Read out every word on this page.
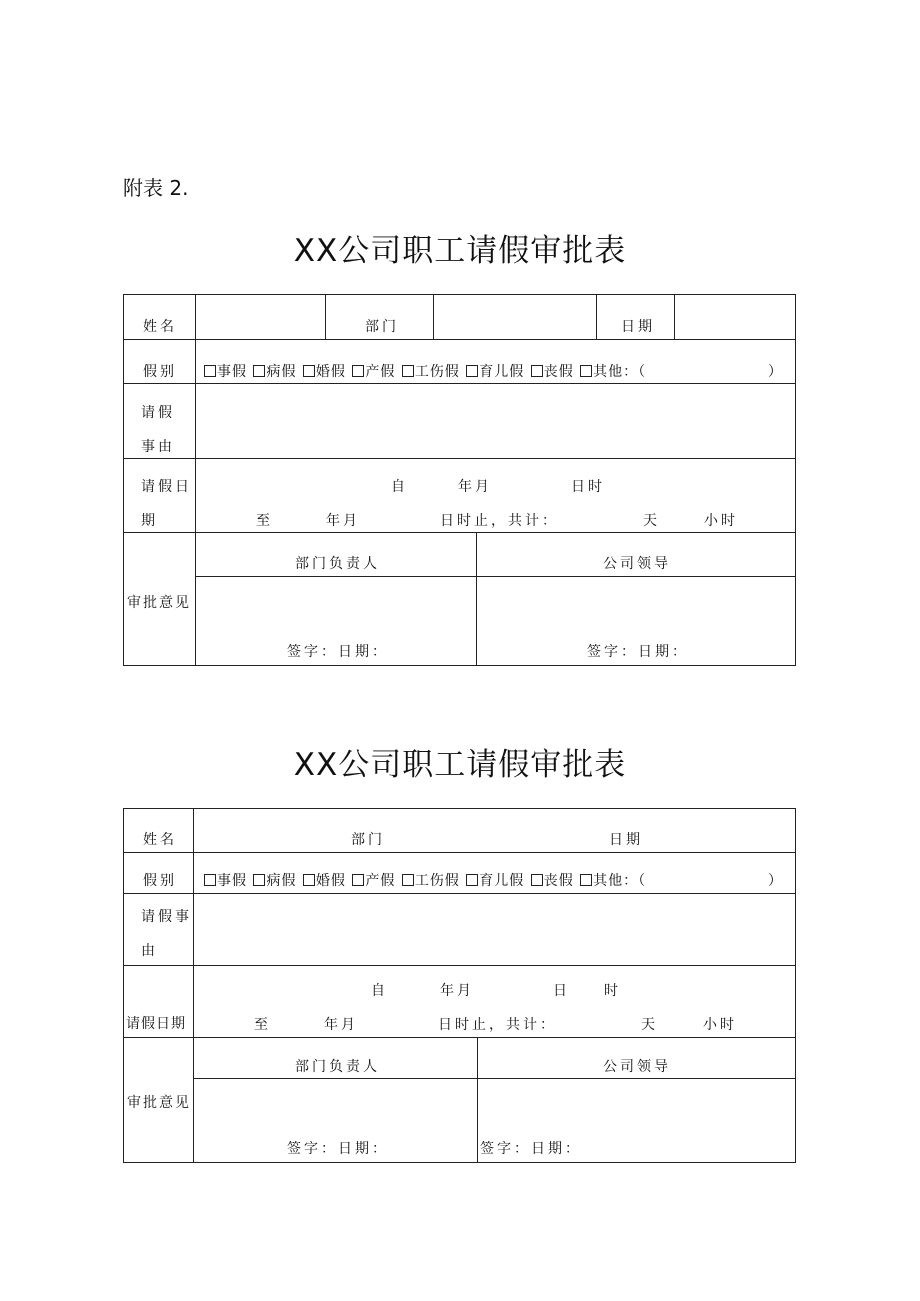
附表 2.
XX公司职工请假审批表
姓名	部门	日期
假别	事假 病假 婚假 产假 工伤假 育儿假 丧假 其他：（	）
请假事由
请假日期
自	年月	日时
至	年月	日时止，共计：	天	小时
审批意见
部门负责人	公司领导
签字：日期：	签字：日期：
XX公司职工请假审批表
姓名	部门	日期
假别	事假 病假 婚假 产假 工伤假 育儿假 丧假 其他：（	）
请假事由
请假日期
自	年月	日 时
至	年月	日时止，共计：	天	小时
审批意见
部门负责人	公司领导
签字：日期：	签字：日期：
